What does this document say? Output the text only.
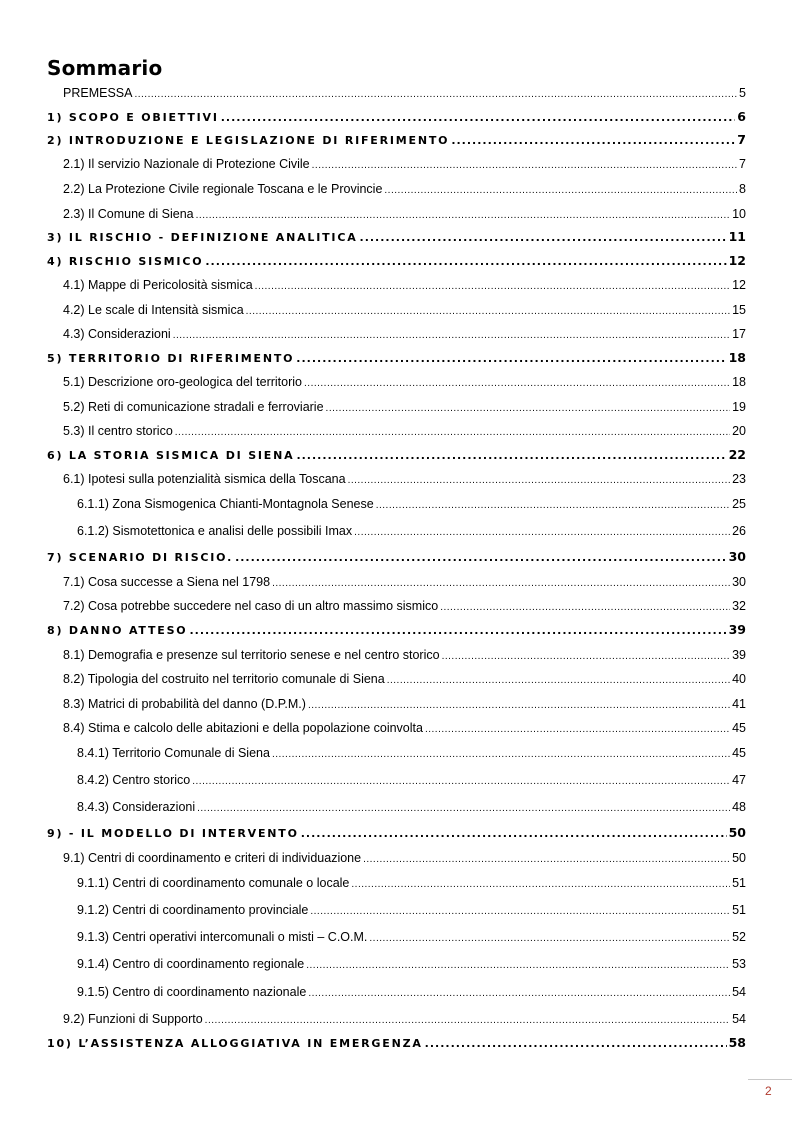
Sommario
PREMESSA .....	5
1) SCOPO E OBIETTIVI .....	6
2) INTRODUZIONE E LEGISLAZIONE DI RIFERIMENTO .....	7
2.1) Il servizio Nazionale di Protezione Civile .....	7
2.2) La Protezione Civile regionale Toscana e le Provincie .....	8
2.3) Il Comune di Siena .....	10
3) IL RISCHIO - DEFINIZIONE ANALITICA .....	11
4) RISCHIO SISMICO .....	12
4.1) Mappe di Pericolosità sismica .....	12
4.2) Le scale di Intensità sismica .....	15
4.3) Considerazioni .....	17
5) TERRITORIO DI RIFERIMENTO .....	18
5.1) Descrizione oro-geologica del territorio .....	18
5.2) Reti di comunicazione stradali e ferroviarie .....	19
5.3) Il centro storico .....	20
6) LA STORIA SISMICA DI SIENA .....	22
6.1) Ipotesi sulla potenzialità sismica della Toscana .....	23
6.1.1) Zona Sismogenica Chianti-Montagnola Senese .....	25
6.1.2) Sismotettonica e analisi delle possibili Imax .....	26
7) SCENARIO DI RISCIO. .....	30
7.1) Cosa successe a Siena nel 1798 .....	30
7.2) Cosa potrebbe succedere nel caso di un altro massimo sismico .....	32
8) DANNO ATTESO .....	39
8.1) Demografia e presenze sul territorio senese e nel centro storico .....	39
8.2) Tipologia del costruito nel territorio comunale di Siena .....	40
8.3) Matrici di probabilità del danno (D.P.M.) .....	41
8.4) Stima e calcolo delle abitazioni e della popolazione coinvolta .....	45
8.4.1) Territorio Comunale di Siena .....	45
8.4.2) Centro storico .....	47
8.4.3) Considerazioni .....	48
9) - IL MODELLO DI INTERVENTO .....	50
9.1) Centri di coordinamento e criteri di individuazione .....	50
9.1.1) Centri di coordinamento comunale o locale .....	51
9.1.2) Centri di coordinamento provinciale .....	51
9.1.3) Centri operativi intercomunali o misti – C.O.M. .....	52
9.1.4) Centro di coordinamento regionale .....	53
9.1.5) Centro di coordinamento nazionale .....	54
9.2) Funzioni di Supporto .....	54
10) L’ASSISTENZA ALLOGGIATIVA IN EMERGENZA .....	58
2
